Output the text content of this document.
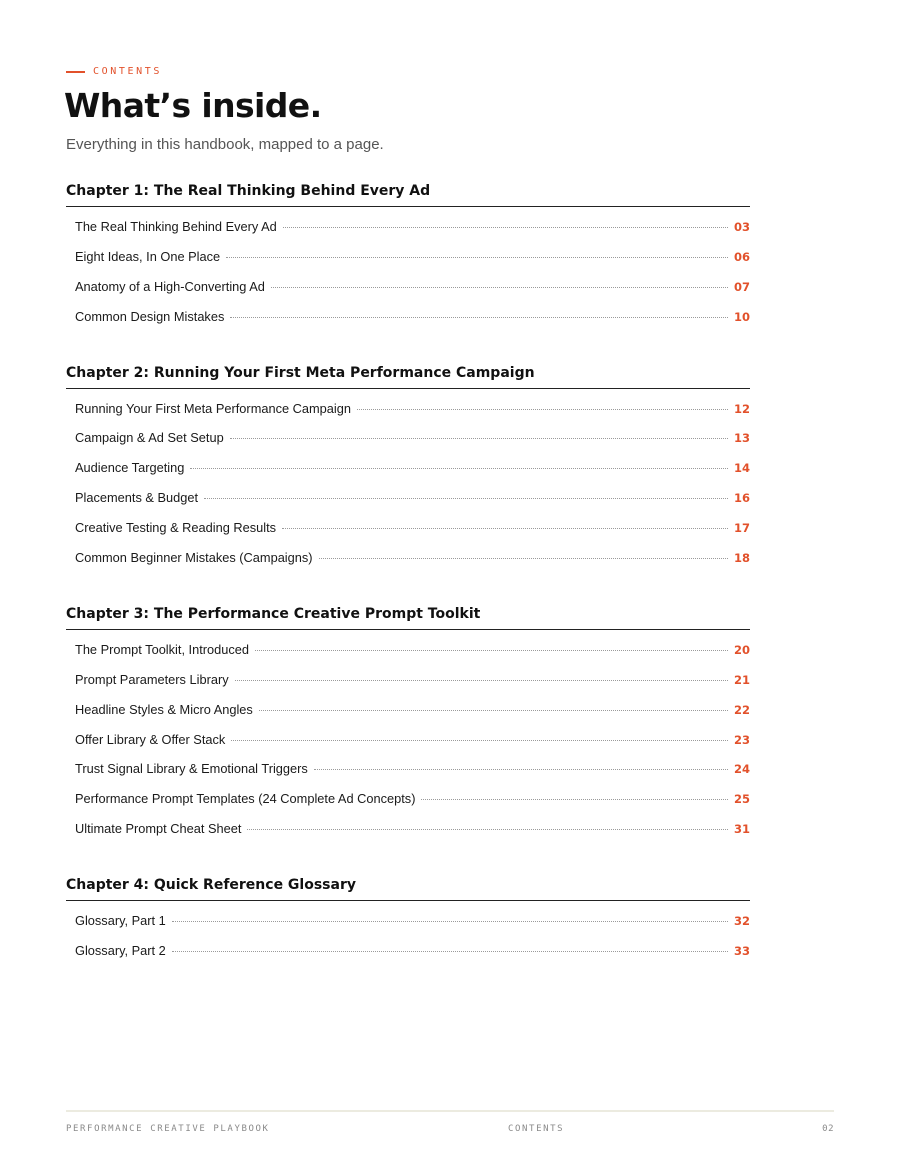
CONTENTS
What’s inside.

Everything in this handbook, mapped to a page.

Chapter 1: The Real Thinking Behind Every Ad
The Real Thinking Behind Every Ad	03
Eight Ideas, In One Place	06
Anatomy of a High-Converting Ad	07
Common Design Mistakes	10
Chapter 2: Running Your First Meta Performance Campaign
Running Your First Meta Performance Campaign	12
Campaign & Ad Set Setup	13
Audience Targeting	14
Placements & Budget	16
Creative Testing & Reading Results	17
Common Beginner Mistakes (Campaigns)	18
Chapter 3: The Performance Creative Prompt Toolkit
The Prompt Toolkit, Introduced	20
Prompt Parameters Library	21
Headline Styles & Micro Angles	22
Offer Library & Offer Stack	23
Trust Signal Library & Emotional Triggers	24
Performance Prompt Templates (24 Complete Ad Concepts)	25
Ultimate Prompt Cheat Sheet	31
Chapter 4: Quick Reference Glossary
Glossary, Part 1	32
Glossary, Part 2	33
PERFORMANCE CREATIVE PLAYBOOK	CONTENTS	02
